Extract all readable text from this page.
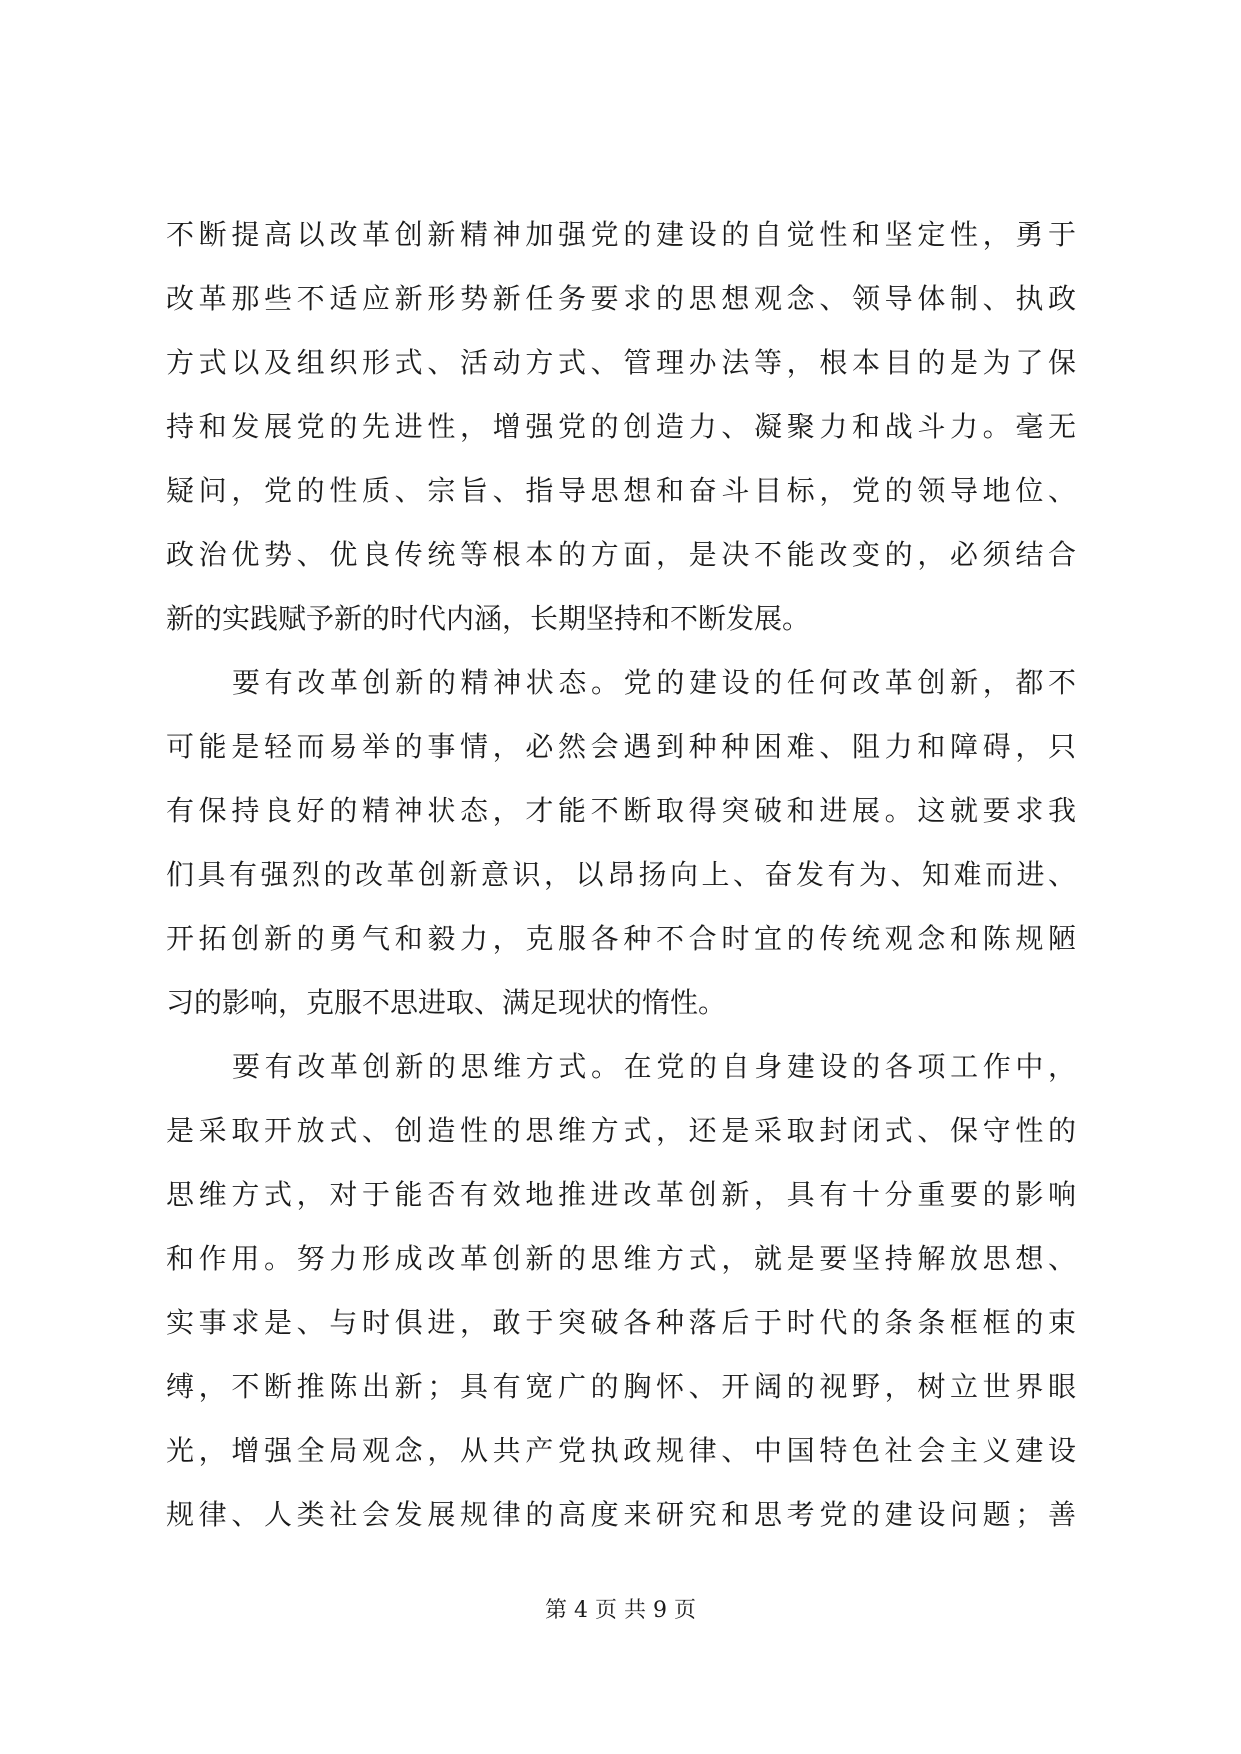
不断提高以改革创新精神加强党的建设的自觉性和坚定性，勇于
改革那些不适应新形势新任务要求的思想观念、领导体制、执政
方式以及组织形式、活动方式、管理办法等，根本目的是为了保
持和发展党的先进性，增强党的创造力、凝聚力和战斗力。毫无
疑问，党的性质、宗旨、指导思想和奋斗目标，党的领导地位、
政治优势、优良传统等根本的方面，是决不能改变的，必须结合
新的实践赋予新的时代内涵，长期坚持和不断发展。
要有改革创新的精神状态。党的建设的任何改革创新，都不
可能是轻而易举的事情，必然会遇到种种困难、阻力和障碍，只
有保持良好的精神状态，才能不断取得突破和进展。这就要求我
们具有强烈的改革创新意识，以昂扬向上、奋发有为、知难而进、
开拓创新的勇气和毅力，克服各种不合时宜的传统观念和陈规陋
习的影响，克服不思进取、满足现状的惰性。
要有改革创新的思维方式。在党的自身建设的各项工作中，
是采取开放式、创造性的思维方式，还是采取封闭式、保守性的
思维方式，对于能否有效地推进改革创新，具有十分重要的影响
和作用。努力形成改革创新的思维方式，就是要坚持解放思想、
实事求是、与时俱进，敢于突破各种落后于时代的条条框框的束
缚，不断推陈出新；具有宽广的胸怀、开阔的视野，树立世界眼
光，增强全局观念，从共产党执政规律、中国特色社会主义建设
规律、人类社会发展规律的高度来研究和思考党的建设问题；善
第 4 页 共 9 页
